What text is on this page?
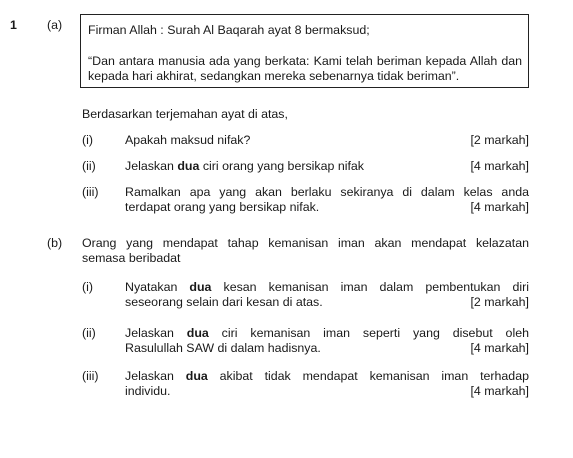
1 (a) Firman Allah : Surah Al Baqarah ayat 8 bermaksud;
“Dan antara manusia ada yang berkata: Kami telah beriman kepada Allah dan kepada hari akhirat, sedangkan mereka sebenarnya tidak beriman”.
Berdasarkan terjemahan ayat di atas,
(i)	Apakah maksud nifak?	[2 markah]
(ii) Jelaskan dua ciri orang yang bersikap nifak	[4 markah]
(iii) Ramalkan apa yang akan berlaku sekiranya di dalam kelas anda
terdapat orang yang bersikap nifak.	[4 markah]
(b) Orang yang mendapat tahap kemanisan iman akan mendapat kelazatan
semasa beribadat
(i)	Nyatakan dua kesan kemanisan iman dalam pembentukan diri
seseorang selain dari kesan di atas.	[2 markah]
(ii) Jelaskan dua ciri kemanisan iman seperti yang disebut oleh
Rasulullah SAW di dalam hadisnya.	[4 markah]
(iii) Jelaskan dua akibat tidak mendapat kemanisan iman terhadap
individu.	[4 markah]
